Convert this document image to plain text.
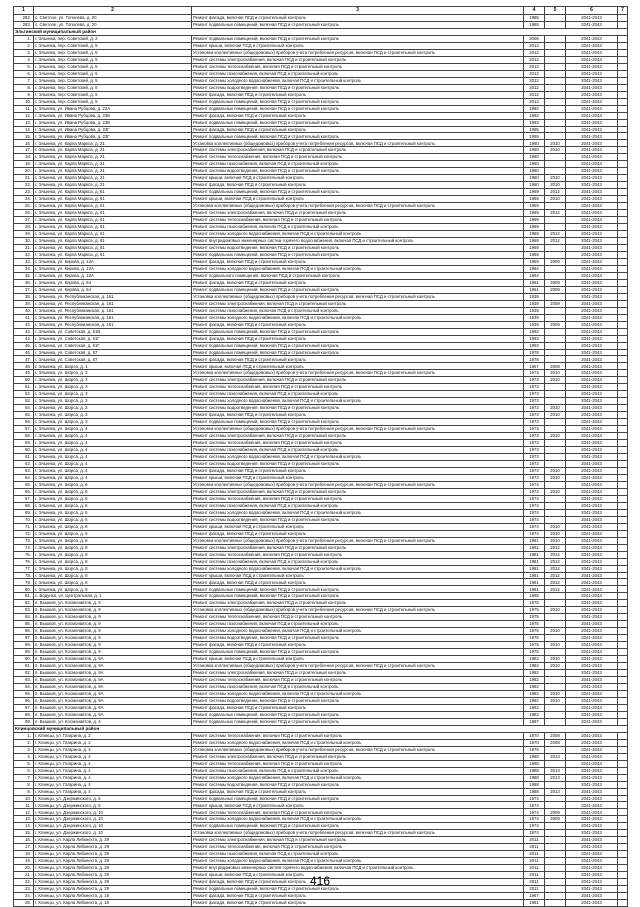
1	2	3	4	5	6	7
282.	с. Светлое, ул. Тополева, д. 20	Ремонт фасада, включая ПСД и строительный контроль	1985		2041-2043	
283.	с. Светлое, ул. Тополева, д. 20	Ремонт подвальных помещений, включая ПСД и строительный контроль	1985		2041-2043	
Эльгинский муниципальный район						
1.	г. Эльинка, пер. Советский, д. 2	Ремонт подвальных помещений, включая ПСД и строительный контроль	2006		2041-2043	
2.	г. Эльинка, пер. Советский, д. 5	Ремонт крыши, включая ПСД и строительный контроль	2012		2041-2043	
3.	г. Эльинка, пер. Советский, д. 5	Установка коллективных (общедомовых) приборов учета потребления ресурсов, включая ПСД и строительный контроль	2012		2041-2043	
4.	г. Эльинка, пер. Советский, д. 5	Ремонт системы электроснабжения, включая ПСД и строительный контроль	2012		2041-2043	
5.	г. Эльинка, пер. Советский, д. 5	Ремонт системы теплоснабжения, включая ПСД и строительный контроль	2012		2041-2043	
6.	г. Эльинка, пер. Советский, д. 5	Ремонт системы газоснабжения, включая ПСД и строительный контроль	2012		2041-2043	
7.	г. Эльинка, пер. Советский, д. 5	Ремонт системы холодного водоснабжения, включая ПСД и строительный контроль	2012		2041-2043	
8.	г. Эльинка, пер. Советский, д. 5	Ремонт системы водоотведения, включая ПСД и строительный контроль	2012		2041-2043	
9.	г. Эльинка, пер. Советский, д. 5	Ремонт фасада, включая ПСД и строительный контроль	2012		2041-2043	
10.	г. Эльинка, пер. Советский, д. 5	Ремонт подвальных помещений, включая ПСД и строительный контроль	2012		2041-2043	
11.	г. Эльинка, ул. Ивана Рубцова, д. 23А	Ремонт подвальных помещений, включая ПСД и строительный контроль	1992		2041-2043	
12.	г. Эльинка, ул. Ивана Рубцова, д. 23Б	Ремонт фасада, включая ПСД и строительный контроль	1992		2041-2043	
13.	г. Эльинка, ул. Ивана Рубцова, д. 23В	Ремонт подвальных помещений, включая ПСД и строительный контроль	1993		2041-2043	
14.	г. Эльинка, ул. Ивана Рубцова, д. 23Г	Ремонт фасада, включая ПСД и строительный контроль	1995		2041-2043	
15.	г. Эльинка, ул. Ивана Рубцова, д. 23Г	Ремонт подвальных помещений, включая ПСД и строительный контроль	1995		2041-2043	
16.	г. Эльинка, ул. Карла Маркса, д. 21	Установка коллективных (общедомовых) приборов учета потребления ресурсов, включая ПСД и строительный контроль	1960	2010	2041-2043	
17.	г. Эльинка, ул. Карла Маркса, д. 21	Ремонт системы электроснабжения, включая ПСД и строительный контроль	1960	2010	2041-2043	
18.	г. Эльинка, ул. Карла Маркса, д. 21	Ремонт системы теплоснабжения, включая ПСД и строительный контроль	1960		2041-2043	
19.	г. Эльинка, ул. Карла Маркса, д. 21	Ремонт системы газоснабжения, включая ПСД и строительный контроль	1960		2041-2043	
20.	г. Эльинка, ул. Карла Маркса, д. 21	Ремонт системы водоотведения, включая ПСД и строительный контроль	1960		2041-2043	
21.	г. Эльинка, ул. Карла Маркса, д. 21	Ремонт крыши, включая ПСД и строительный контроль	1960	2010	2041-2043	
22.	г. Эльинка, ул. Карла Маркса, д. 21	Ремонт фасада, включая ПСД и строительный контроль	1960	2010	2041-2043	
23.	г. Эльинка, ул. Карла Маркса, д. 61	Ремонт подвальных помещений, включая ПСД и строительный контроль	1969	2012	2041-2043	
24.	г. Эльинка, ул. Карла Маркса, д. 61	Ремонт крыши, включая ПСД и строительный контроль	1969	2010	2041-2043	
25.	г. Эльинка, ул. Карла Маркса, д. 61	Установка коллективных (общедомовых) приборов учета потребления ресурсов, включая ПСД и строительный контроль	1969		2041-2043	
26.	г. Эльинка, ул. Карла Маркса, д. 61	Ремонт системы электроснабжения, включая ПСД и строительный контроль	1969	2012	2041-2043	
27.	г. Эльинка, ул. Карла Маркса, д. 61	Ремонт системы теплоснабжения, включая ПСД и строительный контроль	1969		2041-2043	
28.	г. Эльинка, ул. Карла Маркса, д. 61	Ремонт системы газоснабжения, включая ПСД и строительный контроль	1969		2041-2043	
29.	г. Эльинка, ул. Карла Маркса, д. 61	Ремонт системы холодного водоснабжения, включая ПСД и строительный контроль	1969	2012	2041-2043	
30.	г. Эльинка, ул. Карла Маркса, д. 61	Ремонт внутридомовых инженерных систем горячего водоснабжения, включая ПСД и строительный контроль	1969	2012	2041-2043	
31.	г. Эльинка, ул. Карла Маркса, д. 61	Ремонт системы водоотведения, включая ПСД и строительный контроль	1969		2041-2043	
32.	г. Эльинка, ул. Карла Маркса, д. 61	Ремонт подвальных помещений, включая ПСД и строительный контроль	1969		2041-2043	
33.	г. Эльинка, ул. Кирова, д. 13А	Ремонт фасада, включая ПСД и строительный контроль	1969	2009	2041-2043	
34.	г. Эльинка, ул. Кирова, д. 13А	Ремонт системы холодного водоснабжения, включая ПСД и строительный контроль	1984		2041-2043	
35.	г. Эльинка, ул. Кирова, д. 13А	Ремонт подвального помещения, включая ПСД и строительный контроль	1984		2041-2043	
36.	г. Эльинка, ул. Кирова, д. 64	Ремонт фасада, включая ПСД и строительный контроль	1961	2009	2041-2043	
37.	г. Эльинка, ул. Кирова, д. 64	Ремонт подвальных помещений, включая ПСД и строительный контроль	1961	2009	2041-2043	
38.	г. Эльинка, ул. Республиканская, д. 161	Установка коллективных (общедомовых) приборов учета потребления ресурсов, включая ПСД и строительный контроль	1939		2041-2043	
39.	г. Эльинка, ул. Республиканская, д. 161	Ремонт системы электроснабжения, включая ПСД и строительный контроль	1939	2009	2041-2043	
40.	г. Эльинка, ул. Республиканская, д. 161	Ремонт системы газоснабжения, включая ПСД и строительный контроль	1939		2041-2043	
41.	г. Эльинка, ул. Республиканская, д. 161	Ремонт системы холодного водоснабжения, включая ПСД и строительный контроль	1939		2041-2043	
42.	г. Эльинка, ул. Республиканская, д. 161	Ремонт фасада, включая ПСД и строительный контроль	1939	2009	2041-2043	
43.	г. Эльинка, ул. Советская, д. 51В	Ремонт подвальных помещений, включая ПСД и строительный контроль	1992		2041-2043	
44.	г. Эльинка, ул. Советская, д. 51Г	Ремонт фасада, включая ПСД и строительный контроль	1993		2041-2043	
45.	г. Эльинка, ул. Советская, д. 51Г	Ремонт подвальных помещений, включая ПСД и строительный контроль	1993		2041-2043	
46.	г. Эльинка, ул. Советская, д. 57	Ремонт подвальных помещений, включая ПСД и строительный контроль	1978		2041-2043	
47.	г. Эльинка, ул. Советская, д. 57	Ремонт фасада, включая ПСД и строительный контроль	1978		2041-2043	
48.	г. Эльинка, ул. Шорса, д. 1	Ремонт крыши, включая ПСД и строительный контроль	1967	2009	2041-2043	
49.	г. Эльинка, ул. Шорса, д. 3	Установка коллективных (общедомовых) приборов учета потребления ресурсов, включая ПСД и строительный контроль	1973	2010	2041-2043	
50.	г. Эльинка, ул. Шорса, д. 3	Ремонт системы электроснабжения, включая ПСД и строительный контроль	1973	2010	2041-2043	
51.	г. Эльинка, ул. Шорса, д. 3	Ремонт системы теплоснабжения, включая ПСД и строительный контроль	1973		2041-2043	
52.	г. Эльинка, ул. Шорса, д. 3	Ремонт системы газоснабжения, включая ПСД и строительный контроль	1973		2041-2043	
53.	г. Эльинка, ул. Шорса, д. 3	Ремонт системы холодного водоснабжения, включая ПСД и строительный контроль	1973		2041-2043	
54.	г. Эльинка, ул. Шорса, д. 3	Ремонт системы водоотведения, включая ПСД и строительный контроль	1973	2010	2041-2043	
55.	г. Эльинка, ул. Шорса, д. 3	Ремонт фасада, включая ПСД и строительный контроль	1973	2010	2041-2043	
56.	г. Эльинка, ул. Шорса, д. 3	Ремонт подвальных помещений, включая ПСД и строительный контроль	1973		2041-2043	
57.	г. Эльинка, ул. Шорса, д. 4	Установка коллективных (общедомовых) приборов учета потребления ресурсов, включая ПСД и строительный контроль	1973		2041-2043	
58.	г. Эльинка, ул. Шорса, д. 4	Ремонт системы электроснабжения, включая ПСД и строительный контроль	1973	2010	2041-2043	
59.	г. Эльинка, ул. Шорса, д. 4	Ремонт системы теплоснабжения, включая ПСД и строительный контроль	1973		2041-2043	
60.	г. Эльинка, ул. Шорса, д. 4	Ремонт системы газоснабжения, включая ПСД и строительный контроль	1973		2041-2043	
61.	г. Эльинка, ул. Шорса, д. 4	Ремонт системы холодного водоснабжения, включая ПСД и строительный контроль	1973		2041-2043	
62.	г. Эльинка, ул. Шорса, д. 4	Ремонт системы водоотведения, включая ПСД и строительный контроль	1973		2041-2043	
63.	г. Эльинка, ул. Шорса, д. 4	Ремонт фасада, включая ПСД и строительный контроль	1973	2010	2041-2043	
64.	г. Эльинка, ул. Шорса, д. 4	Ремонт крыши, включая ПСД и строительный контроль	1973	2010	2041-2043	
65.	г. Эльинка, ул. Шорса, д. 6	Установка коллективных (общедомовых) приборов учета потребления ресурсов, включая ПСД и строительный контроль	1974		2041-2043	
66.	г. Эльинка, ул. Шорса, д. 6	Ремонт системы электроснабжения, включая ПСД и строительный контроль	1974	2010	2041-2043	
67.	г. Эльинка, ул. Шорса, д. 6	Ремонт системы теплоснабжения, включая ПСД и строительный контроль	1974		2041-2043	
68.	г. Эльинка, ул. Шорса, д. 6	Ремонт системы газоснабжения, включая ПСД и строительный контроль	1974		2041-2043	
69.	г. Эльинка, ул. Шорса, д. 6	Ремонт системы холодного водоснабжения, включая ПСД и строительный контроль	1974		2041-2043	
70.	г. Эльинка, ул. Шорса, д. 6	Ремонт системы водоотведения, включая ПСД и строительный контроль	1974		2041-2043	
71.	г. Эльинка, ул. Шорса, д. 6	Ремонт крыши, включая ПСД и строительный контроль	1974	2010	2041-2043	
72.	г. Эльинка, ул. Шорса, д. 6	Ремонт фасада, включая ПСД и строительный контроль	1974	2010	2041-2043	
73.	г. Эльинка, ул. Шорса, д. 8	Установка коллективных (общедомовых) приборов учета потребления ресурсов, включая ПСД и строительный контроль	1981	2010	2041-2043	
74.	г. Эльинка, ул. Шорса, д. 8	Ремонт системы электроснабжения, включая ПСД и строительный контроль	1981	2012	2041-2043	
75.	г. Эльинка, ул. Шорса, д. 8	Ремонт системы теплоснабжения, включая ПСД и строительный контроль	1981	2012	2041-2043	
76.	г. Эльинка, ул. Шорса, д. 8	Ремонт системы газоснабжения, включая ПСД и строительный контроль	1981	2012	2041-2043	
77.	г. Эльинка, ул. Шорса, д. 8	Ремонт системы холодного водоснабжения, включая ПСД и строительный контроль	1981	2012	2041-2043	
78.	г. Эльинка, ул. Шорса, д. 8	Ремонт крыши, включая ПСД и строительный контроль	1981	2012	2041-2043	
79.	г. Эльинка, ул. Шорса, д. 8	Ремонт фасада, включая ПСД и строительный контроль	1981	2012	2041-2043	
80.	г. Эльинка, ул. Шорса, д. 8	Ремонт подвальных помещений, включая ПСД и строительный контроль	1981	2012	2041-2043	
81.	с. Бодунка, ул. Центральная, д. 1	Ремонт подвальных помещений, включая ПСД и строительный контроль	1985		2041-2043	
82.	п. Вышков, ул. Космонавтов, д. 9	Ремонт системы электроснабжения, включая ПСД и строительный контроль	1975		2041-2043	
83.	п. Вышков, ул. Космонавтов, д. 9	Установка коллективных (общедомовых) приборов учета потребления ресурсов, включая ПСД и строительный контроль	1975	2010	2041-2043	
84.	п. Вышков, ул. Космонавтов, д. 9	Ремонт системы теплоснабжения, включая ПСД и строительный контроль	1975		2041-2043	
85.	п. Вышков, ул. Космонавтов, д. 9	Ремонт системы газоснабжения, включая ПСД и строительный контроль	1975		2041-2043	
86.	п. Вышков, ул. Космонавтов, д. 9	Ремонт системы холодного водоснабжения, включая ПСД и строительный контроль	1975	2010	2041-2043	
87.	п. Вышков, ул. Космонавтов, д. 9	Ремонт системы водоотведения, включая ПСД и строительный контроль	1975		2041-2043	
88.	п. Вышков, ул. Космонавтов, д. 9	Ремонт фасада, включая ПСД и строительный контроль	1975	2010	2041-2043	
89.	п. Вышков, ул. Космонавтов, д. 9	Ремонт подвальных помещений, включая ПСД и строительный контроль	1975		2041-2043	
90.	п. Вышков, ул. Космонавтов, д. 9А	Ремонт крыши, включая ПСД и строительный контроль	1982	2010	2041-2043	
91.	п. Вышков, ул. Космонавтов, д. 9А	Установка коллективных (общедомовых) приборов учета потребления ресурсов, включая ПСД и строительный контроль	1982	2010	2041-2043	
92.	п. Вышков, ул. Космонавтов, д. 9А	Ремонт системы электроснабжения, включая ПСД и строительный контроль	1982		2041-2043	
93.	п. Вышков, ул. Космонавтов, д. 9А	Ремонт системы теплоснабжения, включая ПСД и строительный контроль	1982		2041-2043	
94.	п. Вышков, ул. Космонавтов, д. 9А	Ремонт системы газоснабжения, включая ПСД и строительный контроль	1982		2041-2043	
95.	п. Вышков, ул. Космонавтов, д. 9А	Ремонт системы холодного водоснабжения, включая ПСД и строительный контроль	1982	2010	2041-2043	
96.	п. Вышков, ул. Космонавтов, д. 9А	Ремонт системы водоотведения, включая ПСД и строительный контроль	1982	2010	2041-2043	
97.	п. Вышков, ул. Космонавтов, д. 9А	Ремонт фасада, включая ПСД и строительный контроль	1982		2041-2043	
98.	п. Вышков, ул. Космонавтов, д. 9А	Ремонт подвальных помещений, включая ПСД и строительный контроль	1982		2041-2043	
99.	п. Вышков, ул. Космонавтов, д. 4	Ремонт подвальных помещений, включая ПСД и строительный контроль	1987		2041-2043	
Клинцовский муниципальный район						
1.	г. Клинцы, ул. Гагарина, д. 2	Ремонт системы теплоснабжения, включая ПСД и строительный контроль	1970	2008	2041-2043	
2.	г. Клинцы, ул. Гагарина, д. 2	Ремонт системы холодного водоснабжения, включая ПСД и строительный контроль	1970	2008	2041-2043	
3.	г. Клинцы, ул. Гагарина, д. 4	Установка коллективных (общедомовых) приборов учета потребления ресурсов, включая ПСД и строительный контроль	1979		2041-2043	
4.	г. Клинцы, ул. Гагарина, д. 4	Ремонт системы электроснабжения, включая ПСД и строительный контроль	1988	2013	2041-2043	
5.	г. Клинцы, ул. Гагарина, д. 4	Ремонт системы теплоснабжения, включая ПСД и строительный контроль	1988		2041-2043	
6.	г. Клинцы, ул. Гагарина, д. 4	Ремонт системы газоснабжения, включая ПСД и строительный контроль	1988	2013	2041-2043	
7.	г. Клинцы, ул. Гагарина, д. 4	Ремонт системы холодного водоснабжения, включая ПСД и строительный контроль	1988	2013	2041-2043	
8.	г. Клинцы, ул. Гагарина, д. 4	Ремонт системы водоотведения, включая ПСД и строительный контроль	1988		2041-2043	
9.	г. Клинцы, ул. Гагарина, д. 4	Ремонт фасада, включая ПСД и строительный контроль	1988	2013	2041-2043	
10.	г. Клинцы, ул. Дзержинского, д. 6	Ремонт подвальных помещений, включая ПСД и строительный контроль	1974		2041-2043	
11.	г. Клинцы, ул. Дзержинского, д. 6	Ремонт крыши, включая ПСД и строительный контроль	1974		2041-2043	
12.	г. Клинцы, ул. Дзержинского, д. 10	Ремонт системы теплоснабжения, включая ПСД и строительный контроль	1974	2009	2041-2043	
13.	г. Клинцы, ул. Дзержинского, д. 10	Ремонт системы холодного водоснабжения, включая ПСД и строительный контроль	1974	2009	2041-2043	
14.	г. Клинцы, ул. Дзержинского, д. 10	Ремонт подвальных помещений, включая ПСД и строительный контроль	1974		2041-2043	
15.	г. Клинцы, ул. Дзержинского, д. 10	Установка коллективных (общедомовых) приборов учета потребления ресурсов, включая ПСД и строительный контроль	1974		2041-2043	
16.	г. Клинцы, ул. Карла Либкнехта, д. 29	Ремонт системы электроснабжения, включая ПСД и строительный контроль	2011		2041-2043	
17.	г. Клинцы, ул. Карла Либкнехта, д. 29	Ремонт системы теплоснабжения, включая ПСД и строительный контроль	2011		2041-2043	
18.	г. Клинцы, ул. Карла Либкнехта, д. 29	Ремонт системы газоснабжения, включая ПСД и строительный контроль	2011		2041-2043	
19.	г. Клинцы, ул. Карла Либкнехта, д. 29	Ремонт системы холодного водоснабжения, включая ПСД и строительный контроль	2011		2041-2043	
20.	г. Клинцы, ул. Карла Либкнехта, д. 29	Ремонт внутридомовых инженерных систем горячего водоснабжения, включая ПСД и строительный контроль	2011		2041-2043	
21.	г. Клинцы, ул. Карла Либкнехта, д. 29	Ремонт крыши, включая ПСД и строительный контроль	2011		2041-2043	
22.	г. Клинцы, ул. Карла Либкнехта, д. 29	Ремонт фасада, включая ПСД и строительный контроль	2011		2041-2043	
23.	г. Клинцы, ул. Карла Либкнехта, д. 29	Ремонт подвальных помещений, включая ПСД и строительный контроль	2011		2041-2043	
24.	г. Клинцы, ул. Карла Либкнехта, д. 18	Ремонт фасада, включая ПСД и строительный контроль	1967		2041-2043	
25.	г. Клинцы, ул. Карла Либкнехта, д. 18	Ремонт фасада, включая ПСД и строительный контроль	1981		2041-2043	
416
